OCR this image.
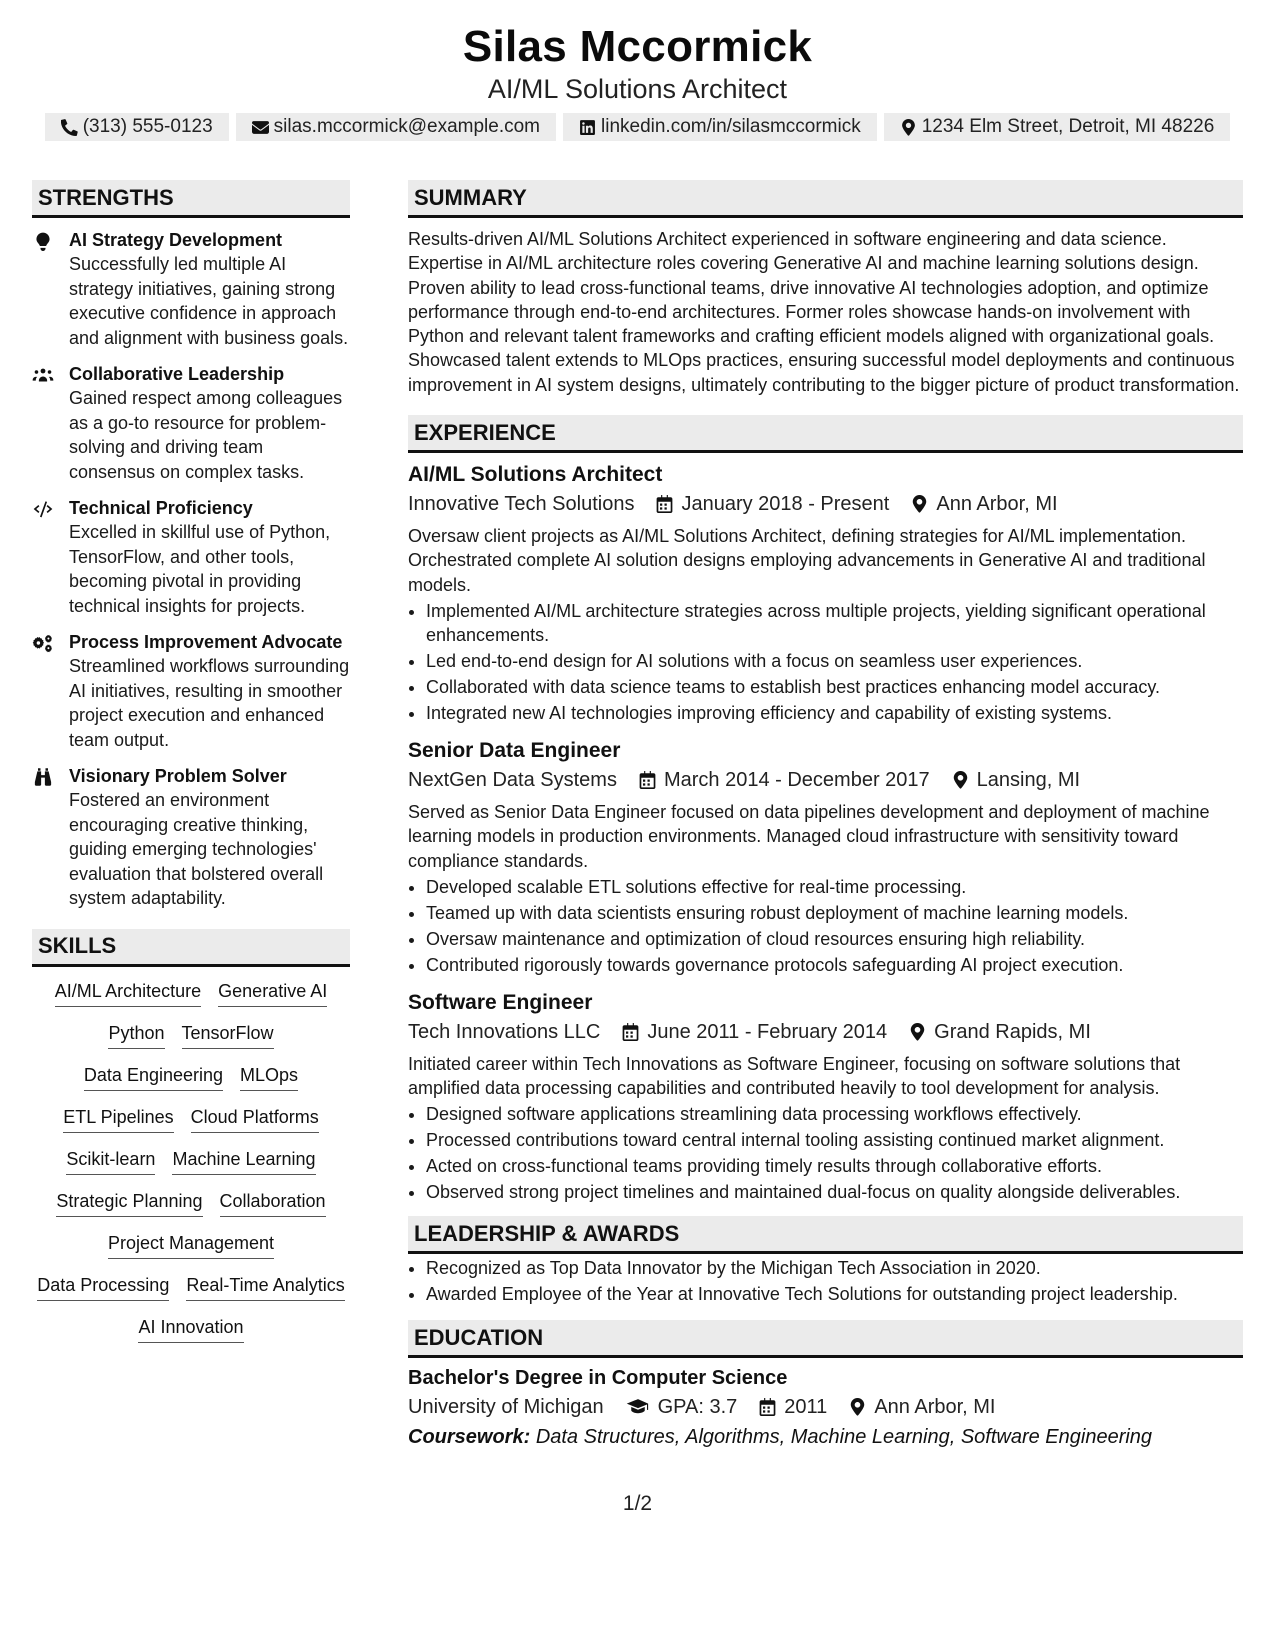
Silas Mccormick
AI/ML Solutions Architect
(313) 555-0123	silas.mccormick@example.com	linkedin.com/in/silasmccormick	1234 Elm Street, Detroit, MI 48226
STRENGTHS
AI Strategy Development
Successfully led multiple AI strategy initiatives, gaining strong executive confidence in approach and alignment with business goals.
Collaborative Leadership
Gained respect among colleagues as a go-to resource for problem-solving and driving team consensus on complex tasks.
Technical Proficiency
Excelled in skillful use of Python, TensorFlow, and other tools, becoming pivotal in providing technical insights for projects.
Process Improvement Advocate
Streamlined workflows surrounding AI initiatives, resulting in smoother project execution and enhanced team output.
Visionary Problem Solver
Fostered an environment encouraging creative thinking, guiding emerging technologies' evaluation that bolstered overall system adaptability.
SKILLS
AI/ML Architecture Generative AI
Python TensorFlow
Data Engineering MLOps
ETL Pipelines Cloud Platforms
Scikit-learn Machine Learning
Strategic Planning Collaboration
Project Management
Data Processing Real-Time Analytics
AI Innovation
SUMMARY
Results-driven AI/ML Solutions Architect experienced in software engineering and data science. Expertise in AI/ML architecture roles covering Generative AI and machine learning solutions design. Proven ability to lead cross-functional teams, drive innovative AI technologies adoption, and optimize performance through end-to-end architectures. Former roles showcase hands-on involvement with Python and relevant talent frameworks and crafting efficient models aligned with organizational goals. Showcased talent extends to MLOps practices, ensuring successful model deployments and continuous improvement in AI system designs, ultimately contributing to the bigger picture of product transformation.
EXPERIENCE
AI/ML Solutions Architect
Innovative Tech Solutions January 2018 - Present Ann Arbor, MI
Oversaw client projects as AI/ML Solutions Architect, defining strategies for AI/ML implementation. Orchestrated complete AI solution designs employing advancements in Generative AI and traditional models.
• Implemented AI/ML architecture strategies across multiple projects, yielding significant operational enhancements.
• Led end-to-end design for AI solutions with a focus on seamless user experiences.
• Collaborated with data science teams to establish best practices enhancing model accuracy.
• Integrated new AI technologies improving efficiency and capability of existing systems.
Senior Data Engineer
NextGen Data Systems March 2014 - December 2017 Lansing, MI
Served as Senior Data Engineer focused on data pipelines development and deployment of machine learning models in production environments. Managed cloud infrastructure with sensitivity toward compliance standards.
• Developed scalable ETL solutions effective for real-time processing.
• Teamed up with data scientists ensuring robust deployment of machine learning models.
• Oversaw maintenance and optimization of cloud resources ensuring high reliability.
• Contributed rigorously towards governance protocols safeguarding AI project execution.
Software Engineer
Tech Innovations LLC June 2011 - February 2014 Grand Rapids, MI
Initiated career within Tech Innovations as Software Engineer, focusing on software solutions that amplified data processing capabilities and contributed heavily to tool development for analysis.
• Designed software applications streamlining data processing workflows effectively.
• Processed contributions toward central internal tooling assisting continued market alignment.
• Acted on cross-functional teams providing timely results through collaborative efforts.
• Observed strong project timelines and maintained dual-focus on quality alongside deliverables.
LEADERSHIP & AWARDS
• Recognized as Top Data Innovator by the Michigan Tech Association in 2020.
• Awarded Employee of the Year at Innovative Tech Solutions for outstanding project leadership.
EDUCATION
Bachelor's Degree in Computer Science
University of Michigan	GPA: 3.7 2011 Ann Arbor, MI
Coursework: Data Structures, Algorithms, Machine Learning, Software Engineering
1/2
